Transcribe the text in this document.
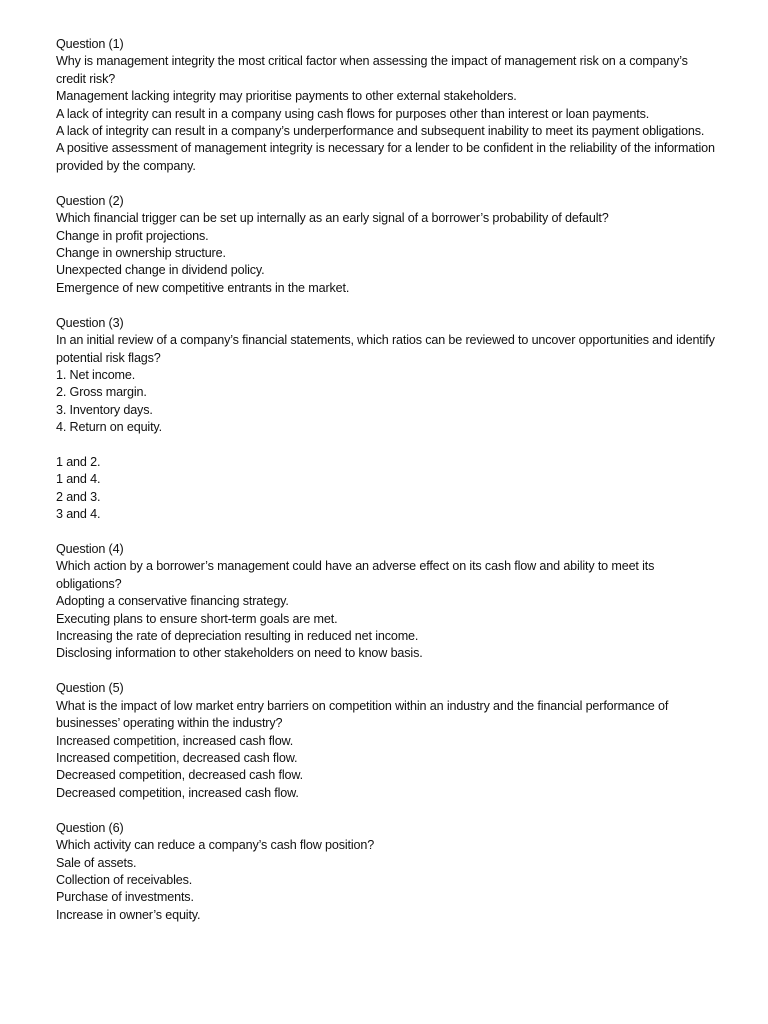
Question (1)
Why is management integrity the most critical factor when assessing the impact of management risk on a company’s credit risk?
Management lacking integrity may prioritise payments to other external stakeholders.
A lack of integrity can result in a company using cash flows for purposes other than interest or loan payments.
A lack of integrity can result in a company’s underperformance and subsequent inability to meet its payment obligations.
A positive assessment of management integrity is necessary for a lender to be confident in the reliability of the information provided by the company.
Question (2)
Which financial trigger can be set up internally as an early signal of a borrower’s probability of default?
Change in profit projections.
Change in ownership structure.
Unexpected change in dividend policy.
Emergence of new competitive entrants in the market.
Question (3)
In an initial review of a company’s financial statements, which ratios can be reviewed to uncover opportunities and identify potential risk flags?
1. Net income.
2. Gross margin.
3. Inventory days.
4. Return on equity.
1 and 2.
1 and 4.
2 and 3.
3 and 4.
Question (4)
Which action by a borrower’s management could have an adverse effect on its cash flow and ability to meet its obligations?
Adopting a conservative financing strategy.
Executing plans to ensure short-term goals are met.
Increasing the rate of depreciation resulting in reduced net income.
Disclosing information to other stakeholders on need to know basis.
Question (5)
What is the impact of low market entry barriers on competition within an industry and the financial performance of businesses’ operating within the industry?
Increased competition, increased cash flow.
Increased competition, decreased cash flow.
Decreased competition, decreased cash flow.
Decreased competition, increased cash flow.
Question (6)
Which activity can reduce a company’s cash flow position?
Sale of assets.
Collection of receivables.
Purchase of investments.
Increase in owner’s equity.
